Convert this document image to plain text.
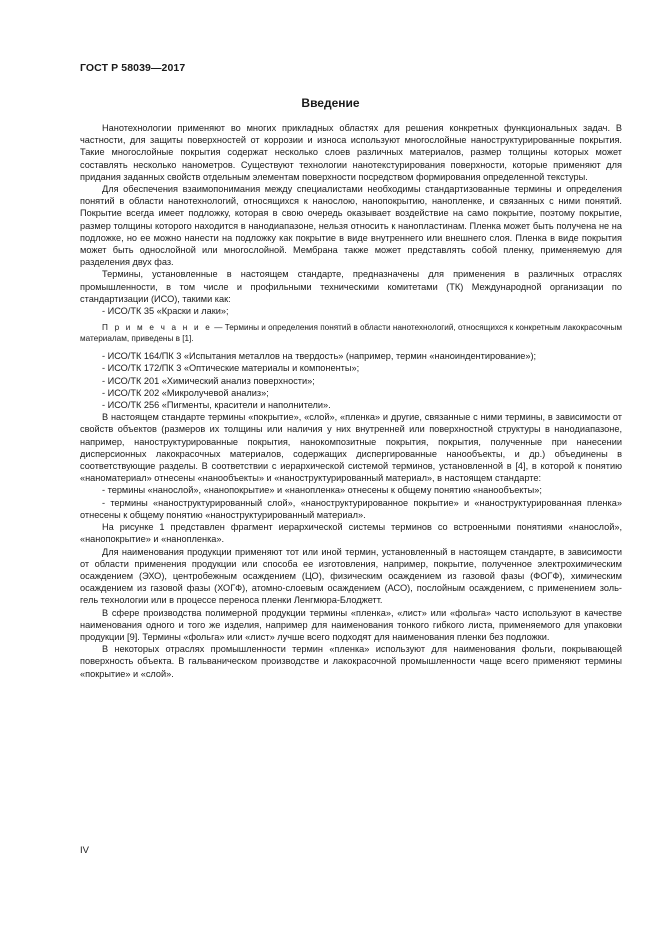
ГОСТ Р 58039—2017
Введение

Нанотехнологии применяют во многих прикладных областях для решения конкретных функциональных задач. В частности, для защиты поверхностей от коррозии и износа используют многослойные наноструктурированные покрытия. Такие многослойные покрытия содержат несколько слоев различных материалов, размер толщины которых может составлять несколько нанометров. Существуют технологии нанотекстурирования поверхности, которые применяют для придания заданных свойств отдельным элементам поверхности посредством формирования определенной текстуры.

Для обеспечения взаимопонимания между специалистами необходимы стандартизованные термины и определения понятий в области нанотехнологий, относящихся к нанослою, нанопокрытию, нанопленке, и связанных с ними понятий. Покрытие всегда имеет подложку, которая в свою очередь оказывает воздействие на само покрытие, поэтому покрытие, размер толщины которого находится в нанодиапазоне, нельзя относить к нанопластинам. Пленка может быть получена не на подложке, но ее можно нанести на подложку как покрытие в виде внутреннего или внешнего слоя. Пленка в виде покрытия может быть однослойной или многослойной. Мембрана также может представлять собой пленку, применяемую для разделения двух фаз.

Термины, установленные в настоящем стандарте, предназначены для применения в различных отраслях промышленности, в том числе и профильными техническими комитетами (ТК) Международной организации по стандартизации (ИСО), такими как:

- ИСО/ТК 35 «Краски и лаки»;

П р и м е ч а н и е — Термины и определения понятий в области нанотехнологий, относящихся к конкретным лакокрасочным материалам, приведены в [1].

- ИСО/ТК 164/ПК 3 «Испытания металлов на твердость» (например, термин «наноиндентирование»);

- ИСО/ТК 172/ПК 3 «Оптические материалы и компоненты»;

- ИСО/ТК 201 «Химический анализ поверхности»;

- ИСО/ТК 202 «Микролучевой анализ»;

- ИСО/ТК 256 «Пигменты, красители и наполнители».

В настоящем стандарте термины «покрытие», «слой», «пленка» и другие, связанные с ними термины, в зависимости от свойств объектов (размеров их толщины или наличия у них внутренней или поверхностной структуры в нанодиапазоне, например, наноструктурированные покрытия, нанокомпозитные покрытия, покрытия, полученные при нанесении дисперсионных лакокрасочных материалов, содержащих диспергированные нанообъекты, и др.) объединены в соответствующие разделы. В соответствии с иерархической системой терминов, установленной в [4], в которой к понятию «наноматериал» отнесены «нанообъекты» и «наноструктурированный материал», в настоящем стандарте:

- термины «нанослой», «нанопокрытие» и «нанопленка» отнесены к общему понятию «нанообъекты»;

- термины «наноструктурированный слой», «наноструктурированное покрытие» и «наноструктурированная пленка» отнесены к общему понятию «наноструктурированный материал».

На рисунке 1 представлен фрагмент иерархической системы терминов со встроенными понятиями «нанослой», «нанопокрытие» и «нанопленка».

Для наименования продукции применяют тот или иной термин, установленный в настоящем стандарте, в зависимости от области применения продукции или способа ее изготовления, например, покрытие, полученное электрохимическим осаждением (ЭХО), центробежным осаждением (ЦО), физическим осаждением из газовой фазы (ФОГФ), химическим осаждением из газовой фазы (ХОГФ), атомно-слоевым осаждением (АСО), послойным осаждением, с применением золь-гель технологии или в процессе переноса пленки Ленгмюра-Блоджетт.

В сфере производства полимерной продукции термины «пленка», «лист» или «фольга» часто используют в качестве наименования одного и того же изделия, например для наименования тонкого гибкого листа, применяемого для упаковки продукции [9]. Термины «фольга» или «лист» лучше всего подходят для наименования пленки без подложки.

В некоторых отраслях промышленности термин «пленка» используют для наименования фольги, покрывающей поверхность объекта. В гальваническом производстве и лакокрасочной промышленности чаще всего применяют термины «покрытие» и «слой».

IV
